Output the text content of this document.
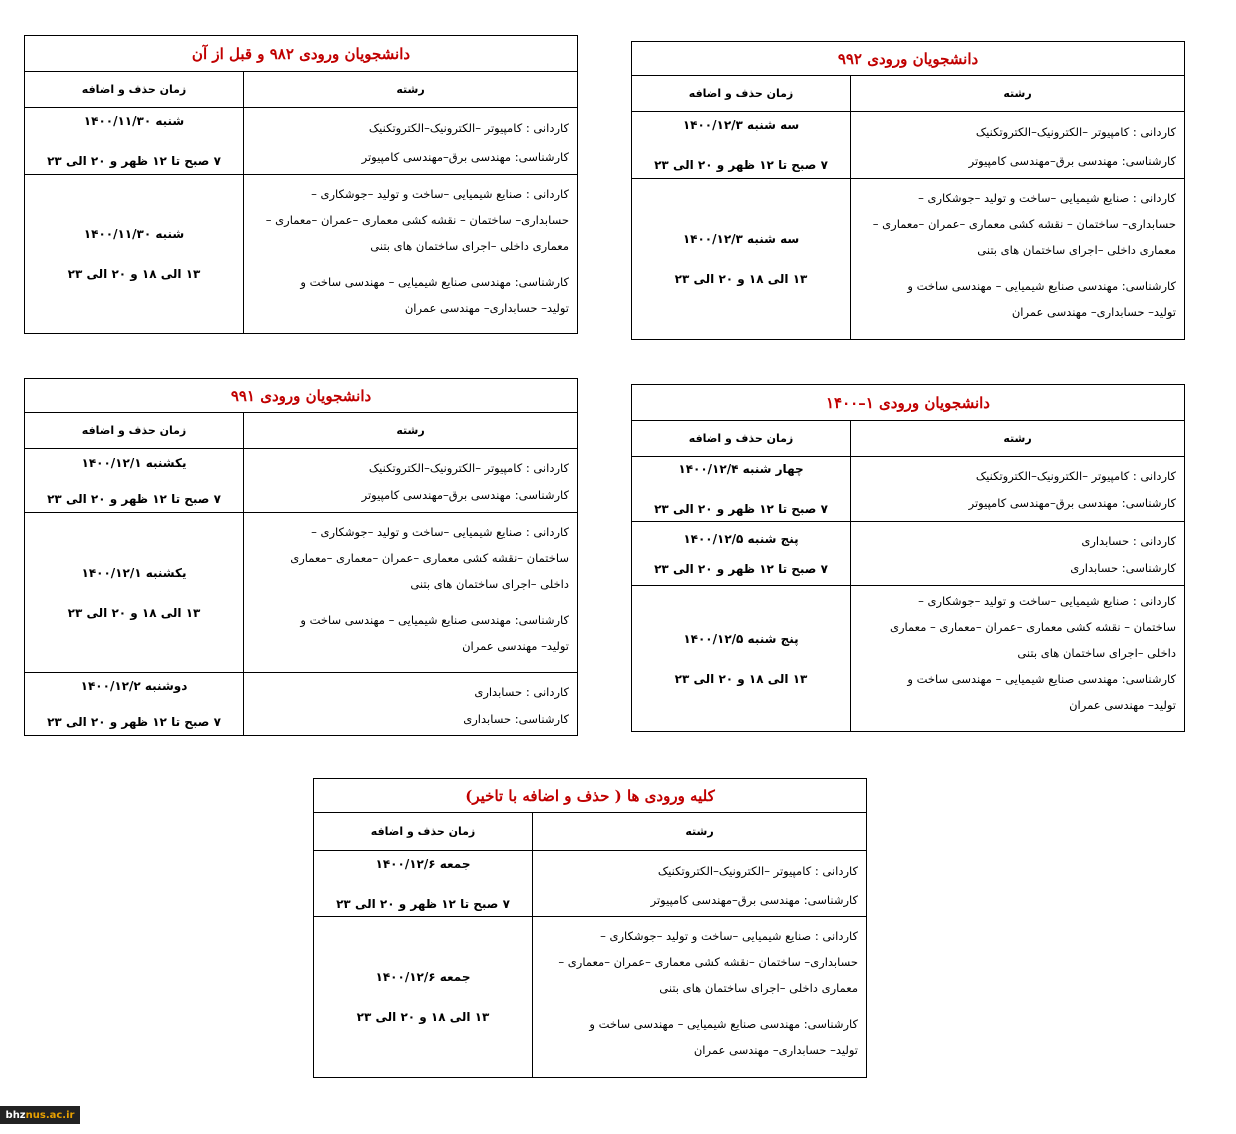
دانشجویان ورودی ۹۸۲ و قبل از آن
رشته
زمان حذف و اضافه

کاردانی : کامپیوتر –الکترونیک–الکتروتکنیک

کارشناسی: مهندسی برق–مهندسی کامپیوتر

شنبه ۱۴۰۰/۱۱/۳۰
۷ صبح تا ۱۲ ظهر و ۲۰ الی ۲۳

کاردانی : صنایع شیمیایی –ساخت و تولید –جوشکاری –

حسابداری– ساختمان – نقشه کشی معماری –عمران –معماری –

معماری داخلی –اجرای ساختمان های بتنی

کارشناسی: مهندسی صنایع شیمیایی – مهندسی ساخت و

تولید– حسابداری– مهندسی عمران

شنبه ۱۴۰۰/۱۱/۳۰
۱۳ الی ۱۸ و ۲۰ الی ۲۳
دانشجویان ورودی ۹۹۲
رشته
زمان حذف و اضافه

کاردانی : کامپیوتر –الکترونیک–الکتروتکنیک

کارشناسی: مهندسی برق–مهندسی کامپیوتر

سه شنبه ۱۴۰۰/۱۲/۳
۷ صبح تا ۱۲ ظهر و ۲۰ الی ۲۳

کاردانی : صنایع شیمیایی –ساخت و تولید –جوشکاری –

حسابداری– ساختمان – نقشه کشی معماری –عمران –معماری –

معماری داخلی –اجرای ساختمان های بتنی

کارشناسی: مهندسی صنایع شیمیایی – مهندسی ساخت و

تولید– حسابداری– مهندسی عمران

سه شنبه ۱۴۰۰/۱۲/۳
۱۳ الی ۱۸ و ۲۰ الی ۲۳
دانشجویان ورودی ۹۹۱
رشته
زمان حذف و اضافه

کاردانی : کامپیوتر –الکترونیک–الکتروتکنیک

کارشناسی: مهندسی برق–مهندسی کامپیوتر

یکشنبه ۱۴۰۰/۱۲/۱
۷ صبح تا ۱۲ ظهر و ۲۰ الی ۲۳

کاردانی : صنایع شیمیایی –ساخت و تولید –جوشکاری –

ساختمان –نقشه کشی معماری –عمران –معماری –معماری

داخلی –اجرای ساختمان های بتنی

کارشناسی: مهندسی صنایع شیمیایی – مهندسی ساخت و

تولید– مهندسی عمران

یکشنبه ۱۴۰۰/۱۲/۱
۱۳ الی ۱۸ و ۲۰ الی ۲۳

کاردانی : حسابداری

کارشناسی: حسابداری

دوشنبه ۱۴۰۰/۱۲/۲
۷ صبح تا ۱۲ ظهر و ۲۰ الی ۲۳
دانشجویان ورودی ۱–۱۴۰۰
رشته
زمان حذف و اضافه

کاردانی : کامپیوتر –الکترونیک–الکتروتکنیک

کارشناسی: مهندسی برق–مهندسی کامپیوتر

چهار شنبه ۱۴۰۰/۱۲/۴
۷ صبح تا ۱۲ ظهر و ۲۰ الی ۲۳

کاردانی : حسابداری

کارشناسی: حسابداری

پنج شنبه ۱۴۰۰/۱۲/۵
۷ صبح تا ۱۲ ظهر و ۲۰ الی ۲۳

کاردانی : صنایع شیمیایی –ساخت و تولید –جوشکاری –

ساختمان – نقشه کشی معماری –عمران –معماری – معماری

داخلی –اجرای ساختمان های بتنی

کارشناسی: مهندسی صنایع شیمیایی – مهندسی ساخت و

تولید– مهندسی عمران

پنج شنبه ۱۴۰۰/۱۲/۵
۱۳ الی ۱۸ و ۲۰ الی ۲۳
کلیه ورودی ها ( حذف و اضافه با تاخیر)
رشته
زمان حذف و اضافه

کاردانی : کامپیوتر –الکترونیک–الکتروتکنیک

کارشناسی: مهندسی برق–مهندسی کامپیوتر

جمعه ۱۴۰۰/۱۲/۶
۷ صبح تا ۱۲ ظهر و ۲۰ الی ۲۳

کاردانی : صنایع شیمیایی –ساخت و تولید –جوشکاری –

حسابداری– ساختمان –نقشه کشی معماری –عمران –معماری –

معماری داخلی –اجرای ساختمان های بتنی

کارشناسی: مهندسی صنایع شیمیایی – مهندسی ساخت و

تولید– حسابداری– مهندسی عمران

جمعه ۱۴۰۰/۱۲/۶
۱۳ الی ۱۸ و ۲۰ الی ۲۳
bhz nus.ac.ir
